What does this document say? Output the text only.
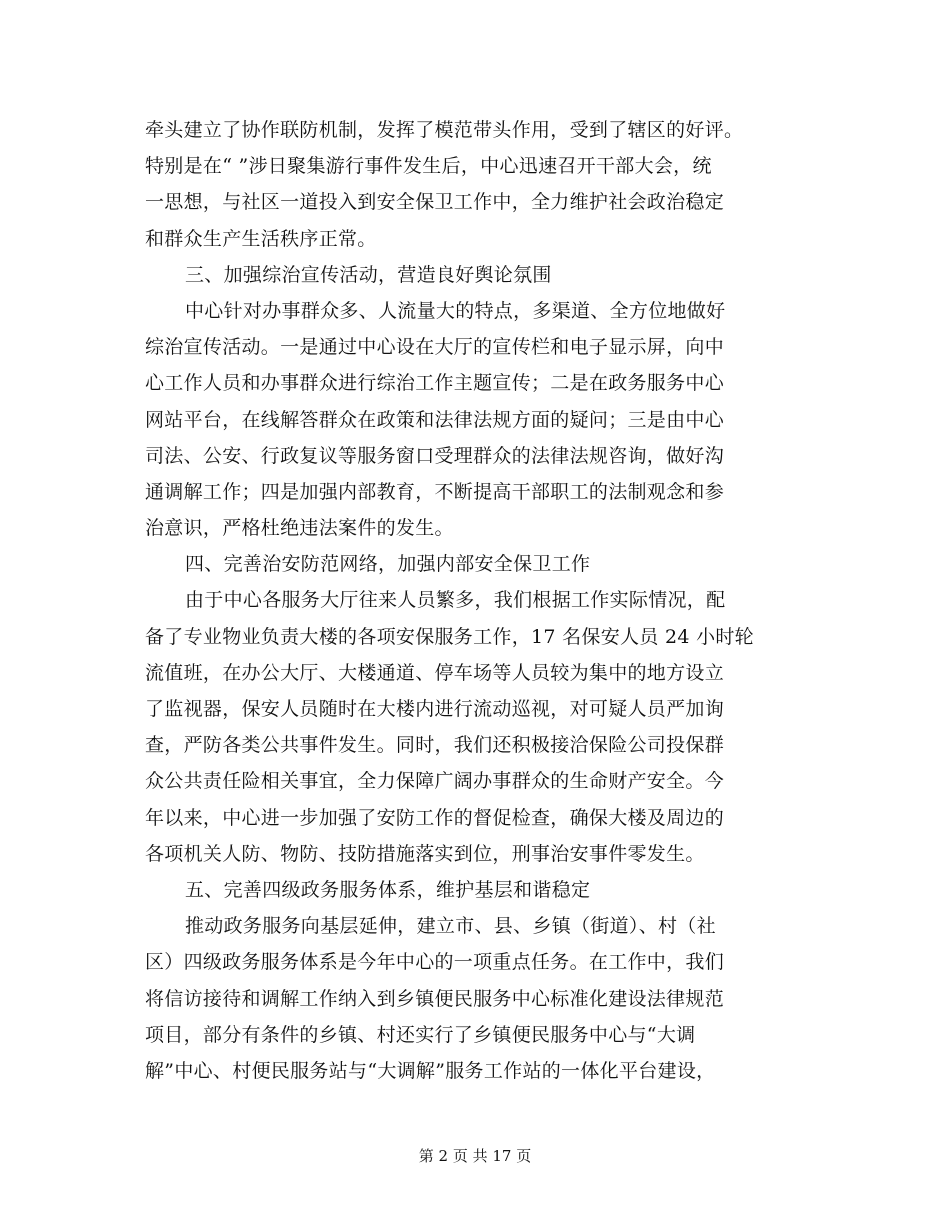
牵头建立了协作联防机制，发挥了模范带头作用，受到了辖区的好评。
特别是在“ ”涉日聚集游行事件发生后，中心迅速召开干部大会，统
一思想，与社区一道投入到安全保卫工作中，全力维护社会政治稳定
和群众生产生活秩序正常。
三、加强综治宣传活动，营造良好舆论氛围
中心针对办事群众多、人流量大的特点，多渠道、全方位地做好
综治宣传活动。一是通过中心设在大厅的宣传栏和电子显示屏，向中
心工作人员和办事群众进行综治工作主题宣传；二是在政务服务中心
网站平台，在线解答群众在政策和法律法规方面的疑问；三是由中心
司法、公安、行政复议等服务窗口受理群众的法律法规咨询，做好沟
通调解工作；四是加强内部教育，不断提高干部职工的法制观念和参
治意识，严格杜绝违法案件的发生。
四、完善治安防范网络，加强内部安全保卫工作
由于中心各服务大厅往来人员繁多，我们根据工作实际情况，配
备了专业物业负责大楼的各项安保服务工作，17 名保安人员 24 小时轮
流值班，在办公大厅、大楼通道、停车场等人员较为集中的地方设立
了监视器，保安人员随时在大楼内进行流动巡视，对可疑人员严加询
查，严防各类公共事件发生。同时，我们还积极接洽保险公司投保群
众公共责任险相关事宜，全力保障广阔办事群众的生命财产安全。今
年以来，中心进一步加强了安防工作的督促检查，确保大楼及周边的
各项机关人防、物防、技防措施落实到位，刑事治安事件零发生。
五、完善四级政务服务体系，维护基层和谐稳定
推动政务服务向基层延伸，建立市、县、乡镇（街道）、村（社
区）四级政务服务体系是今年中心的一项重点任务。在工作中，我们
将信访接待和调解工作纳入到乡镇便民服务中心标准化建设法律规范
项目，部分有条件的乡镇、村还实行了乡镇便民服务中心与“大调
解”中心、村便民服务站与“大调解”服务工作站的一体化平台建设，
第 2 页 共 17 页
